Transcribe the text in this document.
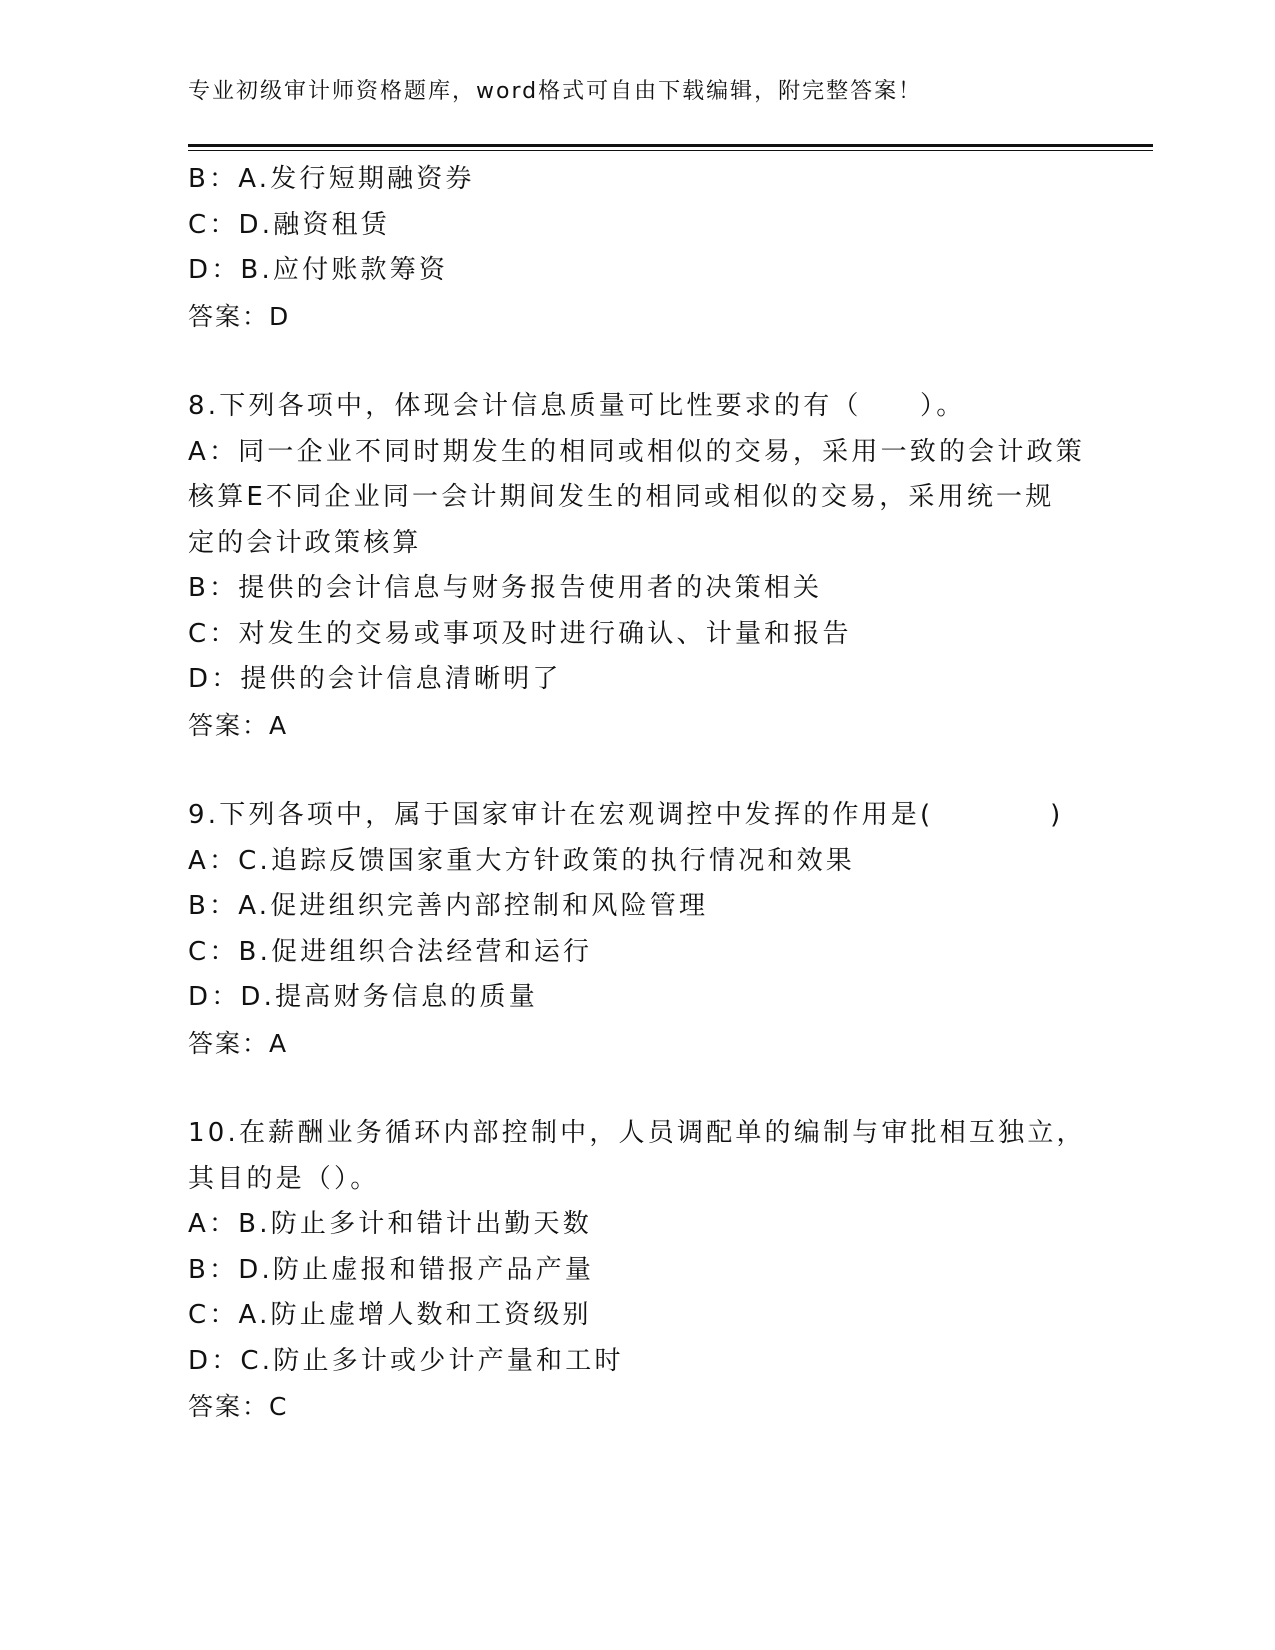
专业初级审计师资格题库，word格式可自由下载编辑，附完整答案！
B：A.发行短期融资券
C：D.融资租赁
D：B.应付账款筹资
答案：D
8.下列各项中，体现会计信息质量可比性要求的有（　　）。
A：同一企业不同时期发生的相同或相似的交易，采用一致的会计政策
核算E不同企业同一会计期间发生的相同或相似的交易，采用统一规
定的会计政策核算
B：提供的会计信息与财务报告使用者的决策相关
C：对发生的交易或事项及时进行确认、计量和报告
D：提供的会计信息清晰明了
答案：A
9.下列各项中，属于国家审计在宏观调控中发挥的作用是(　　　　)
A：C.追踪反馈国家重大方针政策的执行情况和效果
B：A.促进组织完善内部控制和风险管理
C：B.促进组织合法经营和运行
D：D.提高财务信息的质量
答案：A
10.在薪酬业务循环内部控制中，人员调配单的编制与审批相互独立，
其目的是（）。
A：B.防止多计和错计出勤天数
B：D.防止虚报和错报产品产量
C：A.防止虚增人数和工资级别
D：C.防止多计或少计产量和工时
答案：C
